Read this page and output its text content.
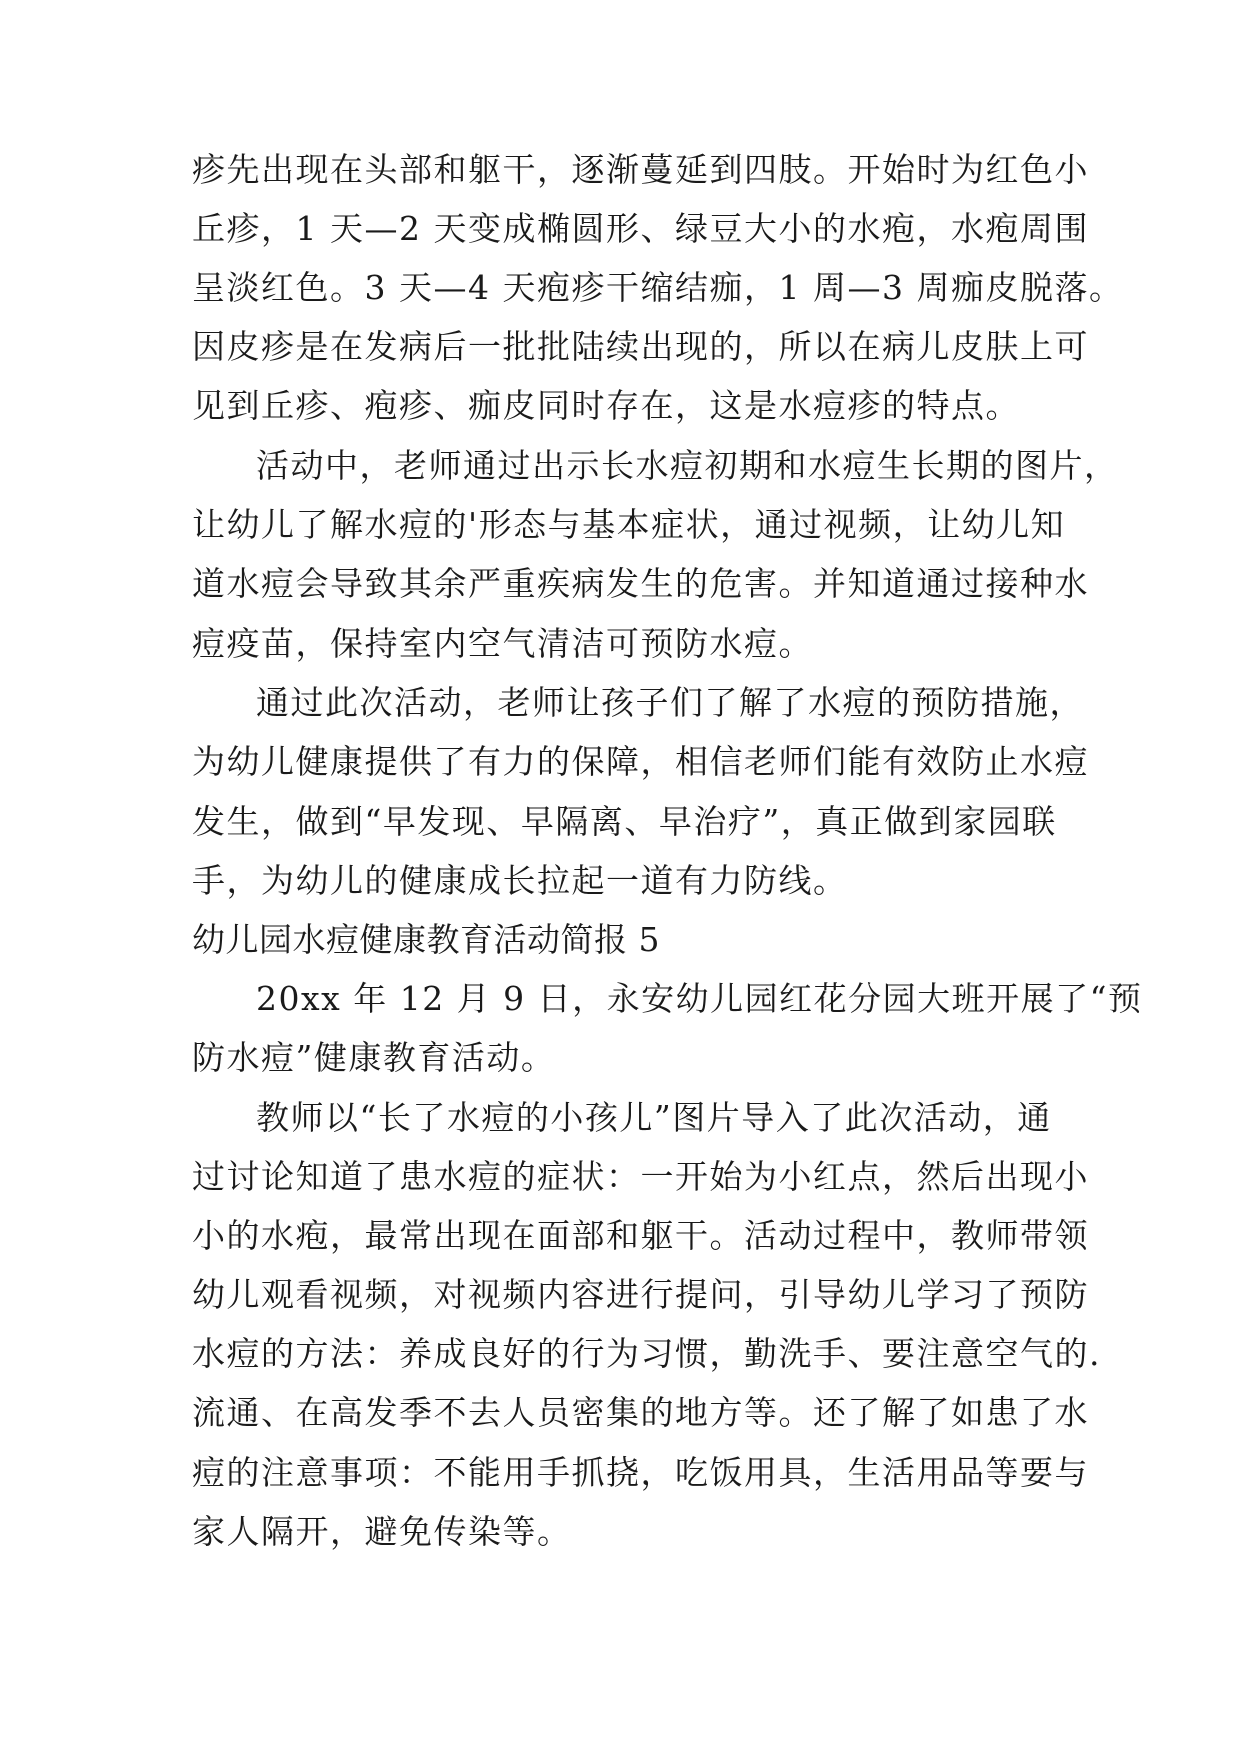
疹先出现在头部和躯干，逐渐蔓延到四肢。开始时为红色小
丘疹，1 天—2 天变成椭圆形、绿豆大小的水疱，水疱周围
呈淡红色。3 天—4 天疱疹干缩结痂，1 周—3 周痂皮脱落。
因皮疹是在发病后一批批陆续出现的，所以在病儿皮肤上可
见到丘疹、疱疹、痂皮同时存在，这是水痘疹的特点。
活动中，老师通过出示长水痘初期和水痘生长期的图片，
让幼儿了解水痘的'形态与基本症状，通过视频，让幼儿知
道水痘会导致其余严重疾病发生的危害。并知道通过接种水
痘疫苗，保持室内空气清洁可预防水痘。
通过此次活动，老师让孩子们了解了水痘的预防措施，
为幼儿健康提供了有力的保障，相信老师们能有效防止水痘
发生，做到“早发现、早隔离、早治疗”，真正做到家园联
手，为幼儿的健康成长拉起一道有力防线。
幼儿园水痘健康教育活动简报 5
20xx 年 12 月 9 日，永安幼儿园红花分园大班开展了“预
防水痘”健康教育活动。
教师以“长了水痘的小孩儿”图片导入了此次活动，通
过讨论知道了患水痘的症状：一开始为小红点，然后出现小
小的水疱，最常出现在面部和躯干。活动过程中，教师带领
幼儿观看视频，对视频内容进行提问，引导幼儿学习了预防
水痘的方法：养成良好的行为习惯，勤洗手、要注意空气的.
流通、在高发季不去人员密集的地方等。还了解了如患了水
痘的注意事项：不能用手抓挠，吃饭用具，生活用品等要与
家人隔开，避免传染等。
